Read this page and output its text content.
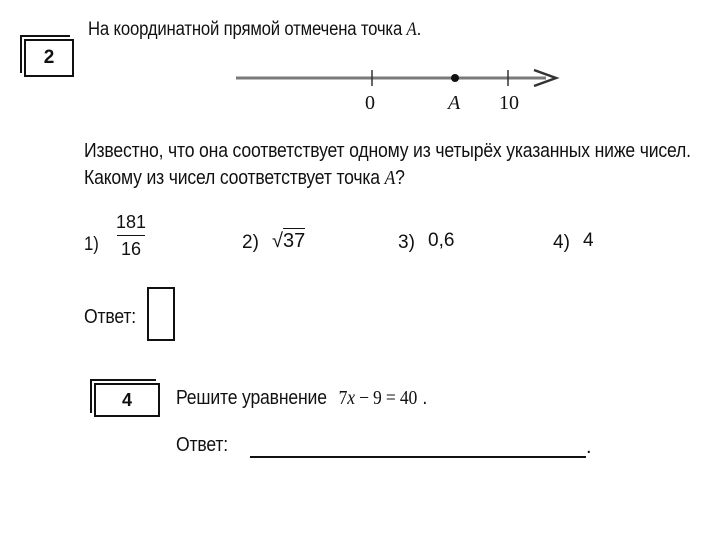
2
На координатной прямой отмечена точка A.
0	A 10
Известно, что она соответствует одному из четырёх указанных ниже чисел.
Какому из чисел соответствует точка A?
1)
181
16	2) √37	3) 0,6	4) 4
Ответ:
4	Решите уравнение 7x − 9 = 40 .
Ответ:	.
